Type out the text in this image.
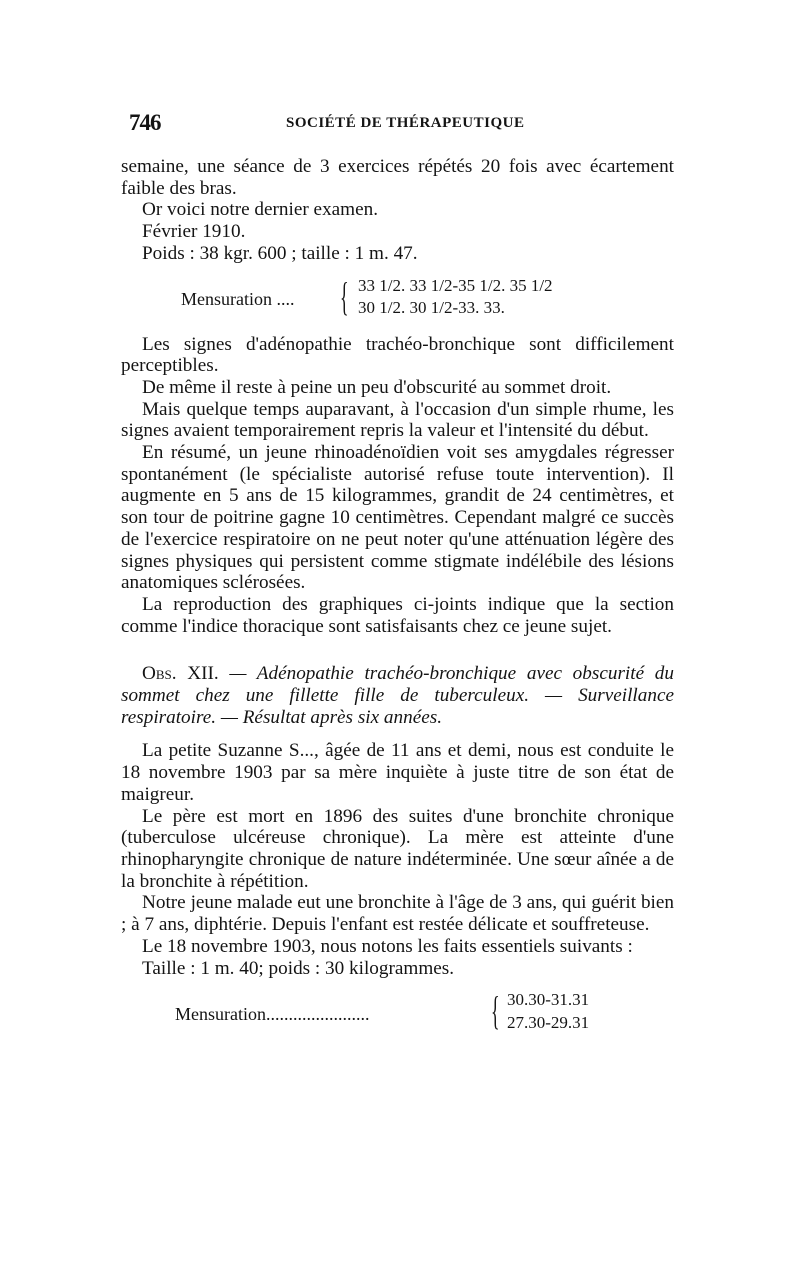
746	SOCIÉTÉ DE THÉRAPEUTIQUE

semaine, une séance de 3 exercices répétés 20 fois avec écartement faible des bras.

Or voici notre dernier examen.

Février 1910.

Poids : 38 kgr. 600 ; taille : 1 m. 47.

Mensuration .... { 33 1/2. 33 1/2-35 1/2. 35 1/2
30 1/2. 30 1/2-33. 33.

Les signes d'adénopathie trachéo-bronchique sont difficilement perceptibles.

De même il reste à peine un peu d'obscurité au sommet droit.

Mais quelque temps auparavant, à l'occasion d'un simple rhume, les signes avaient temporairement repris la valeur et l'intensité du début.

En résumé, un jeune rhinoadénoïdien voit ses amygdales régresser spontanément (le spécialiste autorisé refuse toute intervention). Il augmente en 5 ans de 15 kilogrammes, grandit de 24 centimètres, et son tour de poitrine gagne 10 centimètres. Cependant malgré ce succès de l'exercice respiratoire on ne peut noter qu'une atténuation légère des signes physiques qui persistent comme stigmate indélébile des lésions anatomiques sclérosées.

La reproduction des graphiques ci-joints indique que la section comme l'indice thoracique sont satisfaisants chez ce jeune sujet.

Obs. XII. — Adénopathie trachéo-bronchique avec obscurité du sommet chez une fillette fille de tuberculeux. — Surveillance respiratoire. — Résultat après six années.

La petite Suzanne S..., âgée de 11 ans et demi, nous est conduite le 18 novembre 1903 par sa mère inquiète à juste titre de son état de maigreur.

Le père est mort en 1896 des suites d'une bronchite chronique (tuberculose ulcéreuse chronique). La mère est atteinte d'une rhinopharyngite chronique de nature indéterminée. Une sœur aînée a de la bronchite à répétition.

Notre jeune malade eut une bronchite à l'âge de 3 ans, qui guérit bien ; à 7 ans, diphtérie. Depuis l'enfant est restée délicate et souffreteuse.

Le 18 novembre 1903, nous notons les faits essentiels suivants :

Taille : 1 m. 40; poids : 30 kilogrammes.

Mensuration.......................	{ 30.30-31.31
27.30-29.31
